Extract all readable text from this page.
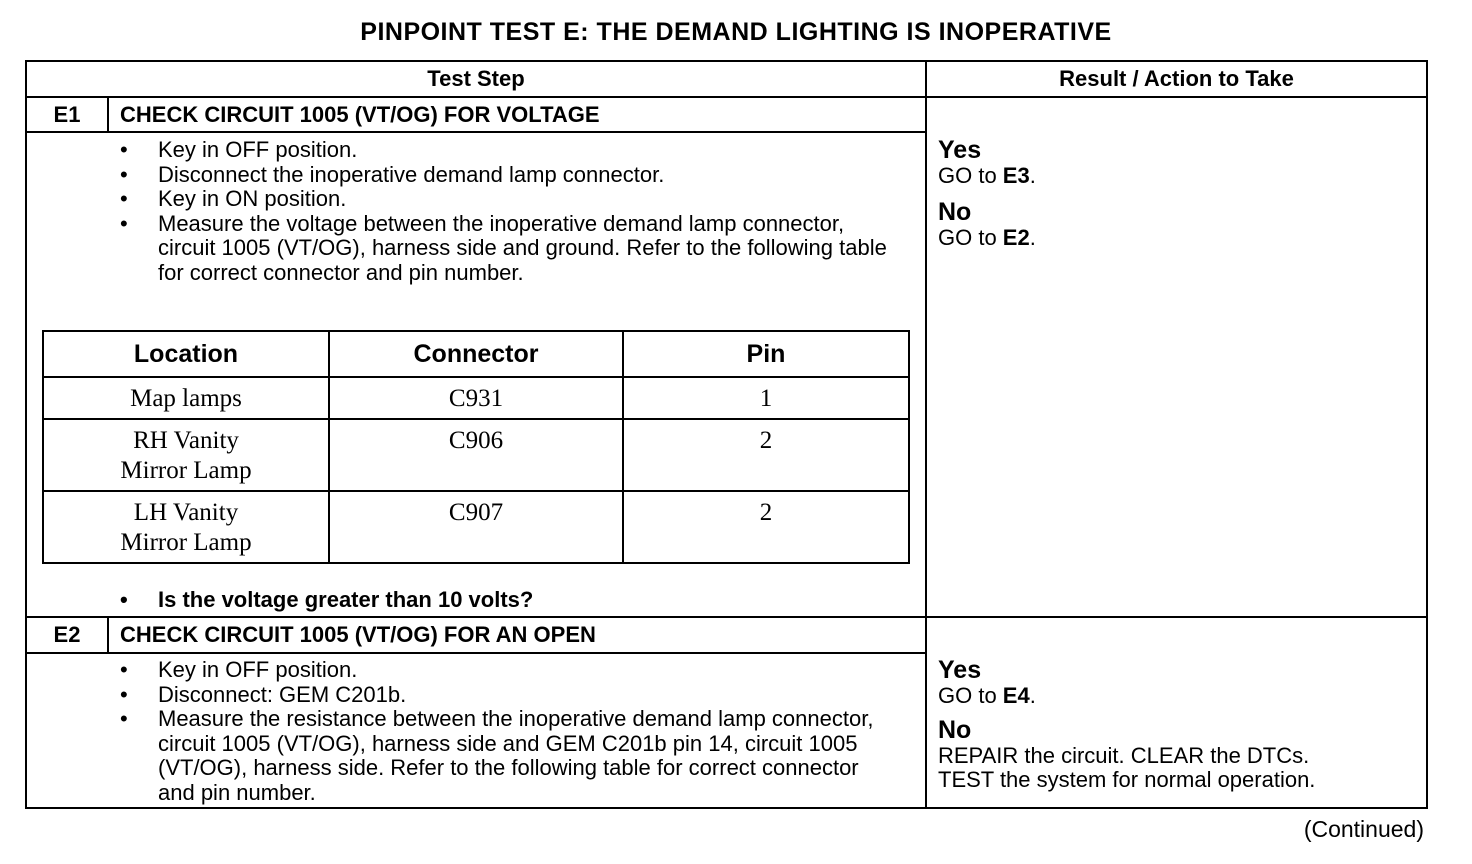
PINPOINT TEST E: THE DEMAND LIGHTING IS INOPERATIVE
Test Step	Result / Action to Take
E1	CHECK CIRCUIT 1005 (VT/OG) FOR VOLTAGE
• Key in OFF position.
• Disconnect the inoperative demand lamp connector.
• Key in ON position.
• Measure the voltage between the inoperative demand lamp connector, circuit 1005 (VT/OG), harness side and ground. Refer to the following table for correct connector and pin number.
Location	Connector	Pin
Map lamps	C931	1
RH Vanity Mirror Lamp	C906	2
LH Vanity Mirror Lamp	C907	2
• Is the voltage greater than 10 volts?
Yes
GO to E3.
No
GO to E2.
E2	CHECK CIRCUIT 1005 (VT/OG) FOR AN OPEN
• Key in OFF position.
• Disconnect: GEM C201b.
• Measure the resistance between the inoperative demand lamp connector, circuit 1005 (VT/OG), harness side and GEM C201b pin 14, circuit 1005 (VT/OG), harness side. Refer to the following table for correct connector and pin number.
Yes
GO to E4.
No
REPAIR the circuit. CLEAR the DTCs.
TEST the system for normal operation.
(Continued)
